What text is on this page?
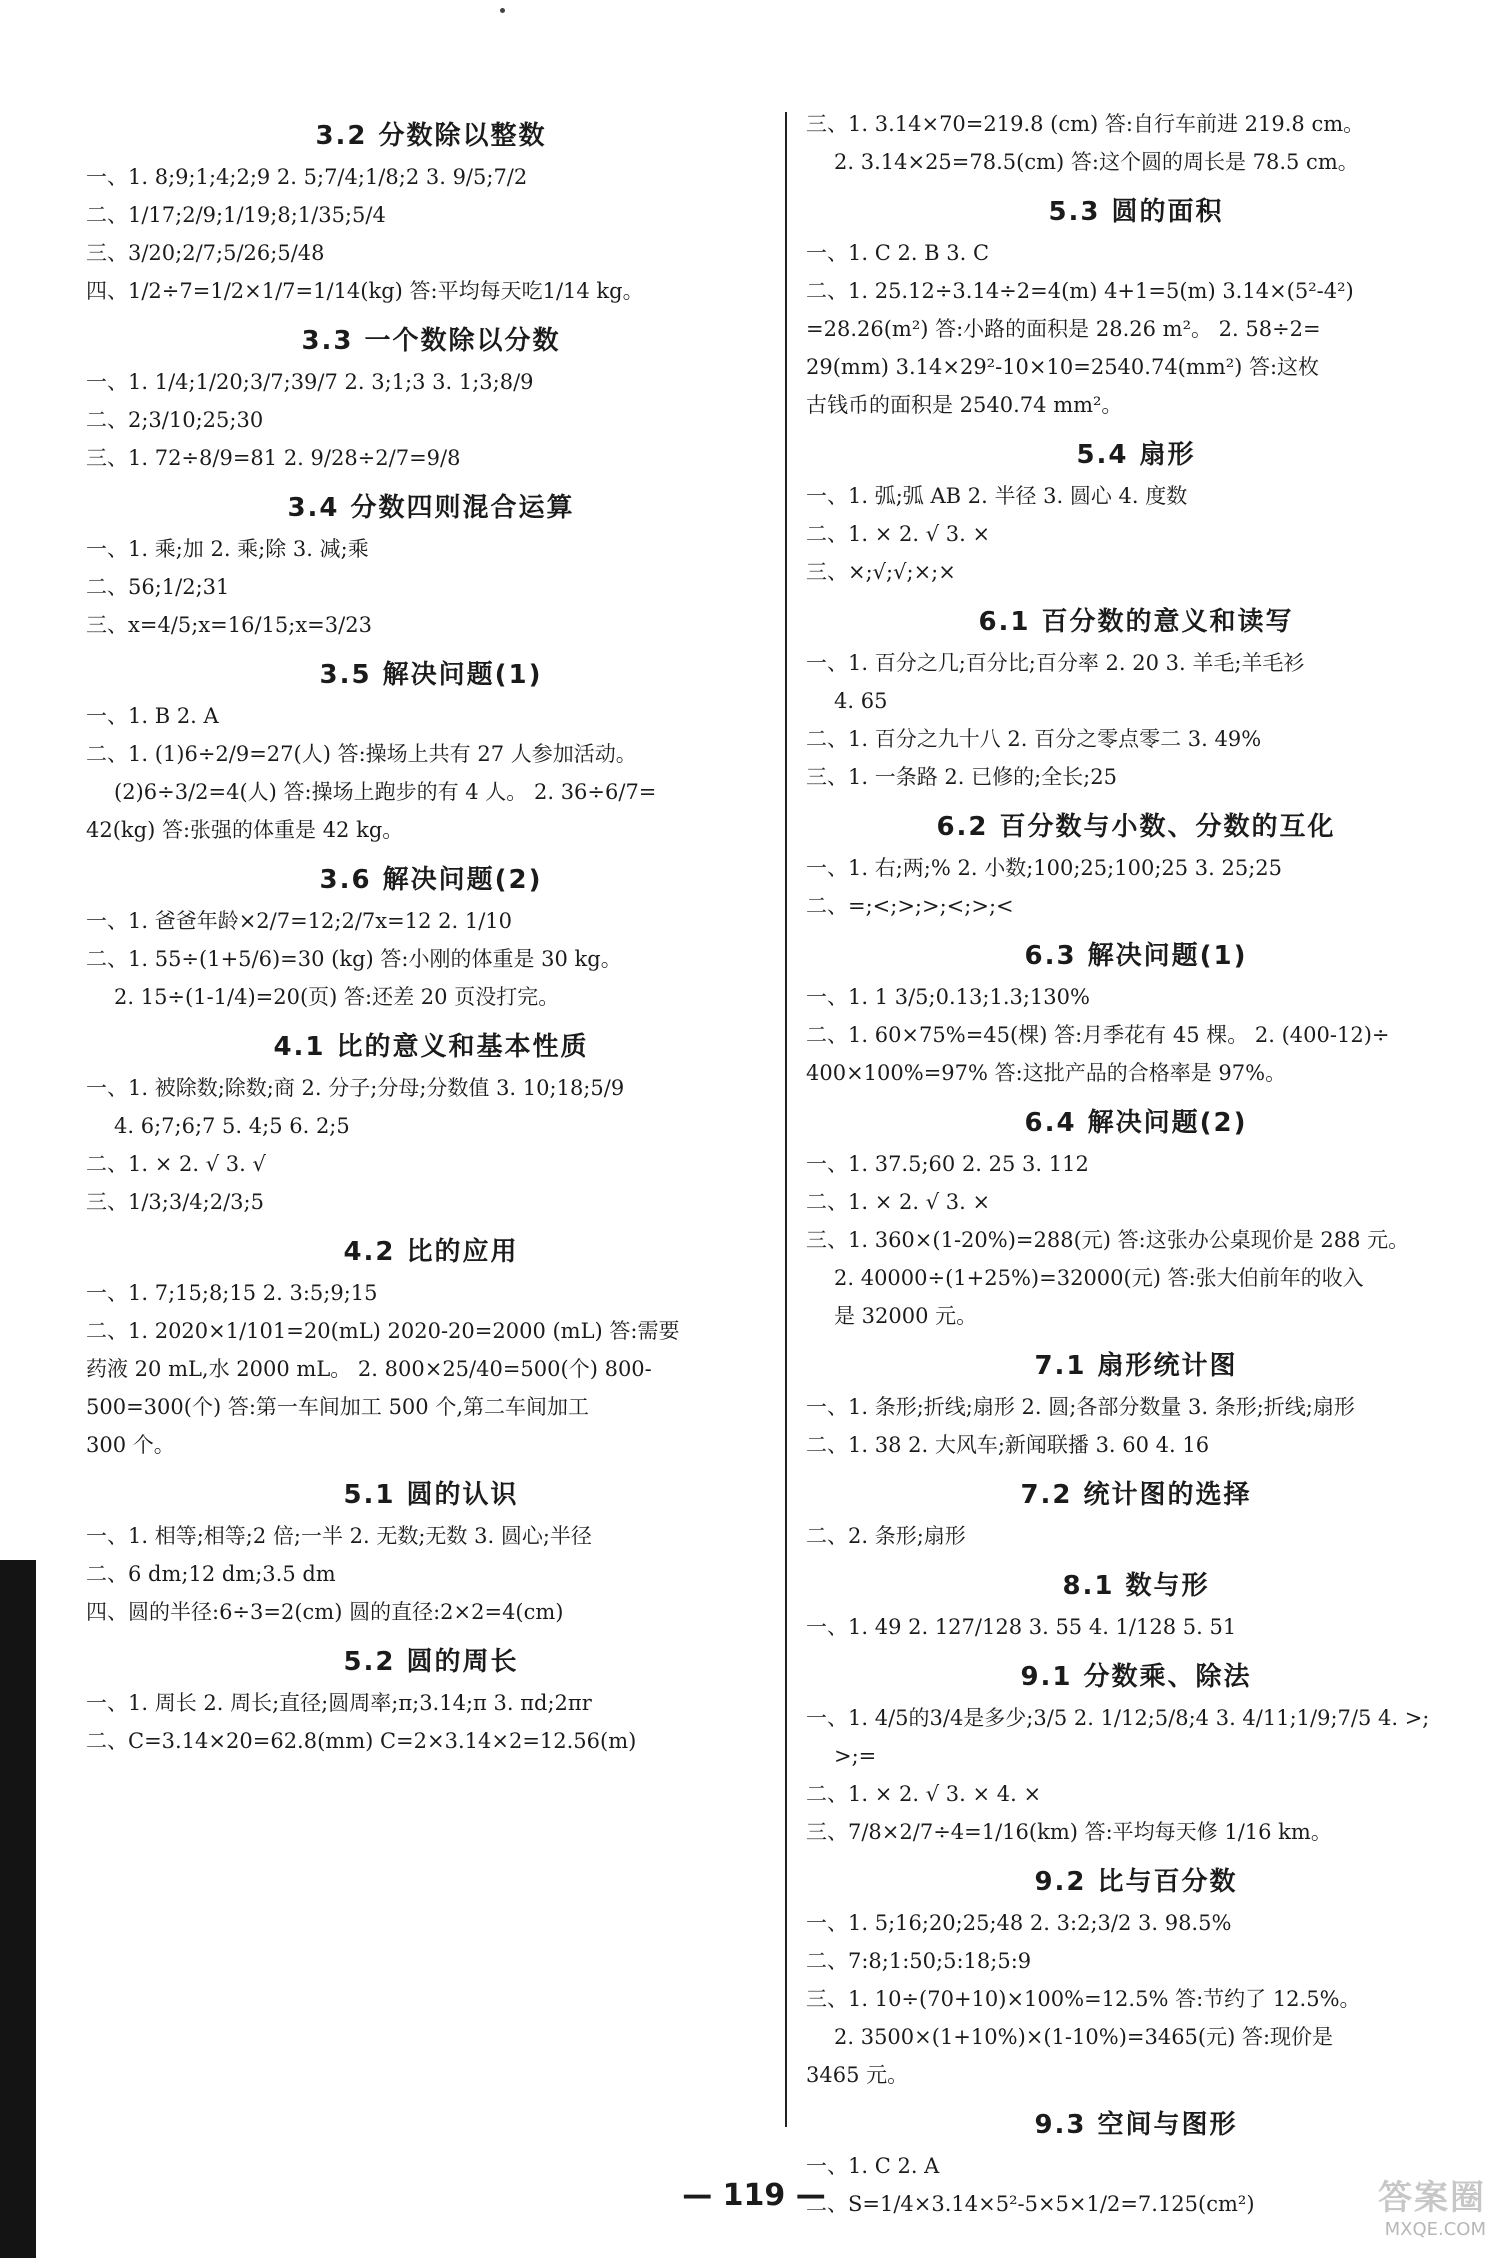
3.2 分数除以整数
一、1. 8;9;1;4;2;9 2. 5;7/4;1/8;2 3. 9/5;7/2
二、1/17;2/9;1/19;8;1/35;5/4
三、3/20;2/7;5/26;5/48
四、1/2÷7=1/2×1/7=1/14(kg) 答:平均每天吃1/14 kg。
3.3 一个数除以分数
一、1. 1/4;1/20;3/7;39/7 2. 3;1;3 3. 1;3;8/9
二、2;3/10;25;30
三、1. 72÷8/9=81 2. 9/28÷2/7=9/8
3.4 分数四则混合运算
一、1. 乘;加 2. 乘;除 3. 减;乘
二、56;1/2;31
三、x=4/5;x=16/15;x=3/23
3.5 解决问题(1)
一、1. B 2. A
二、1. (1)6÷2/9=27(人) 答:操场上共有 27 人参加活动。
(2)6÷3/2=4(人) 答:操场上跑步的有 4 人。 2. 36÷6/7=
42(kg) 答:张强的体重是 42 kg。
3.6 解决问题(2)
一、1. 爸爸年龄×2/7=12;2/7x=12 2. 1/10
二、1. 55÷(1+5/6)=30 (kg) 答:小刚的体重是 30 kg。
2. 15÷(1-1/4)=20(页) 答:还差 20 页没打完。
4.1 比的意义和基本性质
一、1. 被除数;除数;商 2. 分子;分母;分数值 3. 10;18;5/9
4. 6;7;6;7 5. 4;5 6. 2;5
二、1. × 2. √ 3. √
三、1/3;3/4;2/3;5
4.2 比的应用
一、1. 7;15;8;15 2. 3:5;9;15
二、1. 2020×1/101=20(mL) 2020-20=2000 (mL) 答:需要
药液 20 mL,水 2000 mL。 2. 800×25/40=500(个) 800-
500=300(个) 答:第一车间加工 500 个,第二车间加工
300 个。
5.1 圆的认识
一、1. 相等;相等;2 倍;一半 2. 无数;无数 3. 圆心;半径
二、6 dm;12 dm;3.5 dm
四、圆的半径:6÷3=2(cm) 圆的直径:2×2=4(cm)
5.2 圆的周长
一、1. 周长 2. 周长;直径;圆周率;π;3.14;π 3. πd;2πr
二、C=3.14×20=62.8(mm) C=2×3.14×2=12.56(m)
三、1. 3.14×70=219.8 (cm) 答:自行车前进 219.8 cm。
2. 3.14×25=78.5(cm) 答:这个圆的周长是 78.5 cm。
5.3 圆的面积
一、1. C 2. B 3. C
二、1. 25.12÷3.14÷2=4(m) 4+1=5(m) 3.14×(5²-4²)
=28.26(m²) 答:小路的面积是 28.26 m²。 2. 58÷2=
29(mm) 3.14×29²-10×10=2540.74(mm²) 答:这枚
古钱币的面积是 2540.74 mm²。
5.4 扇形
一、1. 弧;弧 AB 2. 半径 3. 圆心 4. 度数
二、1. × 2. √ 3. ×
三、×;√;√;×;×
6.1 百分数的意义和读写
一、1. 百分之几;百分比;百分率 2. 20 3. 羊毛;羊毛衫
4. 65
二、1. 百分之九十八 2. 百分之零点零二 3. 49%
三、1. 一条路 2. 已修的;全长;25
6.2 百分数与小数、分数的互化
一、1. 右;两;% 2. 小数;100;25;100;25 3. 25;25
二、=;<;>;>;<;>;<
6.3 解决问题(1)
一、1. 1 3/5;0.13;1.3;130%
二、1. 60×75%=45(棵) 答:月季花有 45 棵。 2. (400-12)÷
400×100%=97% 答:这批产品的合格率是 97%。
6.4 解决问题(2)
一、1. 37.5;60 2. 25 3. 112
二、1. × 2. √ 3. ×
三、1. 360×(1-20%)=288(元) 答:这张办公桌现价是 288 元。
2. 40000÷(1+25%)=32000(元) 答:张大伯前年的收入
是 32000 元。
7.1 扇形统计图
一、1. 条形;折线;扇形 2. 圆;各部分数量 3. 条形;折线;扇形
二、1. 38 2. 大风车;新闻联播 3. 60 4. 16
7.2 统计图的选择
二、2. 条形;扇形
8.1 数与形
一、1. 49 2. 127/128 3. 55 4. 1/128 5. 51
9.1 分数乘、除法
一、1. 4/5的3/4是多少;3/5 2. 1/12;5/8;4 3. 4/11;1/9;7/5 4. >;
>;=
二、1. × 2. √ 3. × 4. ×
三、7/8×2/7÷4=1/16(km) 答:平均每天修 1/16 km。
9.2 比与百分数
一、1. 5;16;20;25;48 2. 3:2;3/2 3. 98.5%
二、7:8;1:50;5:18;5:9
三、1. 10÷(70+10)×100%=12.5% 答:节约了 12.5%。
2. 3500×(1+10%)×(1-10%)=3465(元) 答:现价是
3465 元。
9.3 空间与图形
一、1. C 2. A
二、S=1/4×3.14×5²-5×5×1/2=7.125(cm²)
— 119 —	答案圈
MXQE.COM
